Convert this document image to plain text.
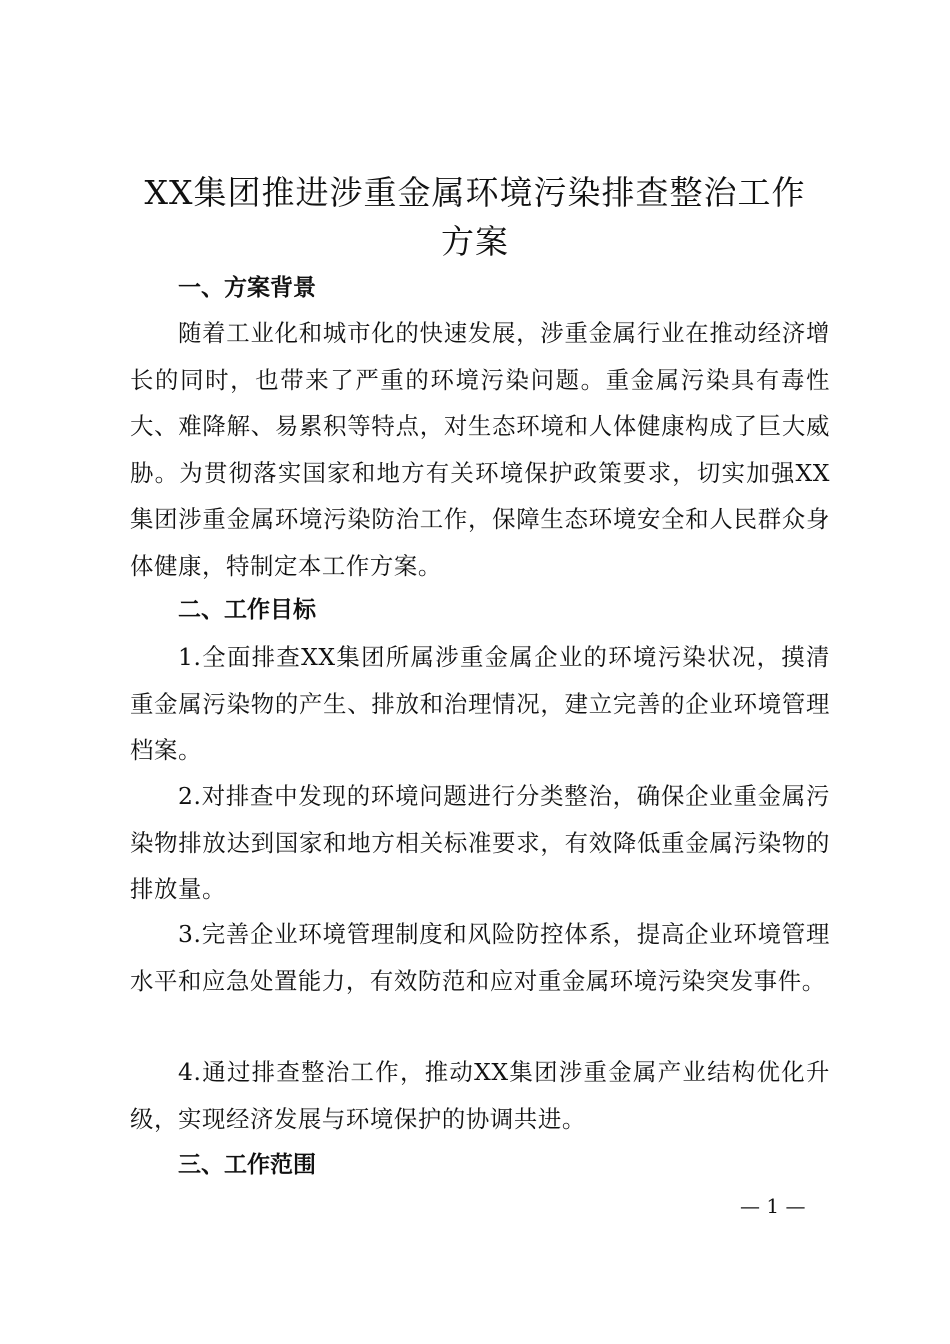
XX集团推进涉重金属环境污染排查整治工作
方案
一、方案背景

随着工业化和城市化的快速发展，涉重金属行业在推动经济增长的同时，也带来了严重的环境污染问题。重金属污染具有毒性大、难降解、易累积等特点，对生态环境和人体健康构成了巨大威胁。为贯彻落实国家和地方有关环境保护政策要求，切实加强XX集团涉重金属环境污染防治工作，保障生态环境安全和人民群众身体健康，特制定本工作方案。

二、工作目标

1.全面排查XX集团所属涉重金属企业的环境污染状况，摸清重金属污染物的产生、排放和治理情况，建立完善的企业环境管理档案。

2.对排查中发现的环境问题进行分类整治，确保企业重金属污染物排放达到国家和地方相关标准要求，有效降低重金属污染物的排放量。

3.完善企业环境管理制度和风险防控体系，提高企业环境管理水平和应急处置能力，有效防范和应对重金属环境污染突发事件。

4.通过排查整治工作，推动XX集团涉重金属产业结构优化升级，实现经济发展与环境保护的协调共进。

三、工作范围
— 1 —
